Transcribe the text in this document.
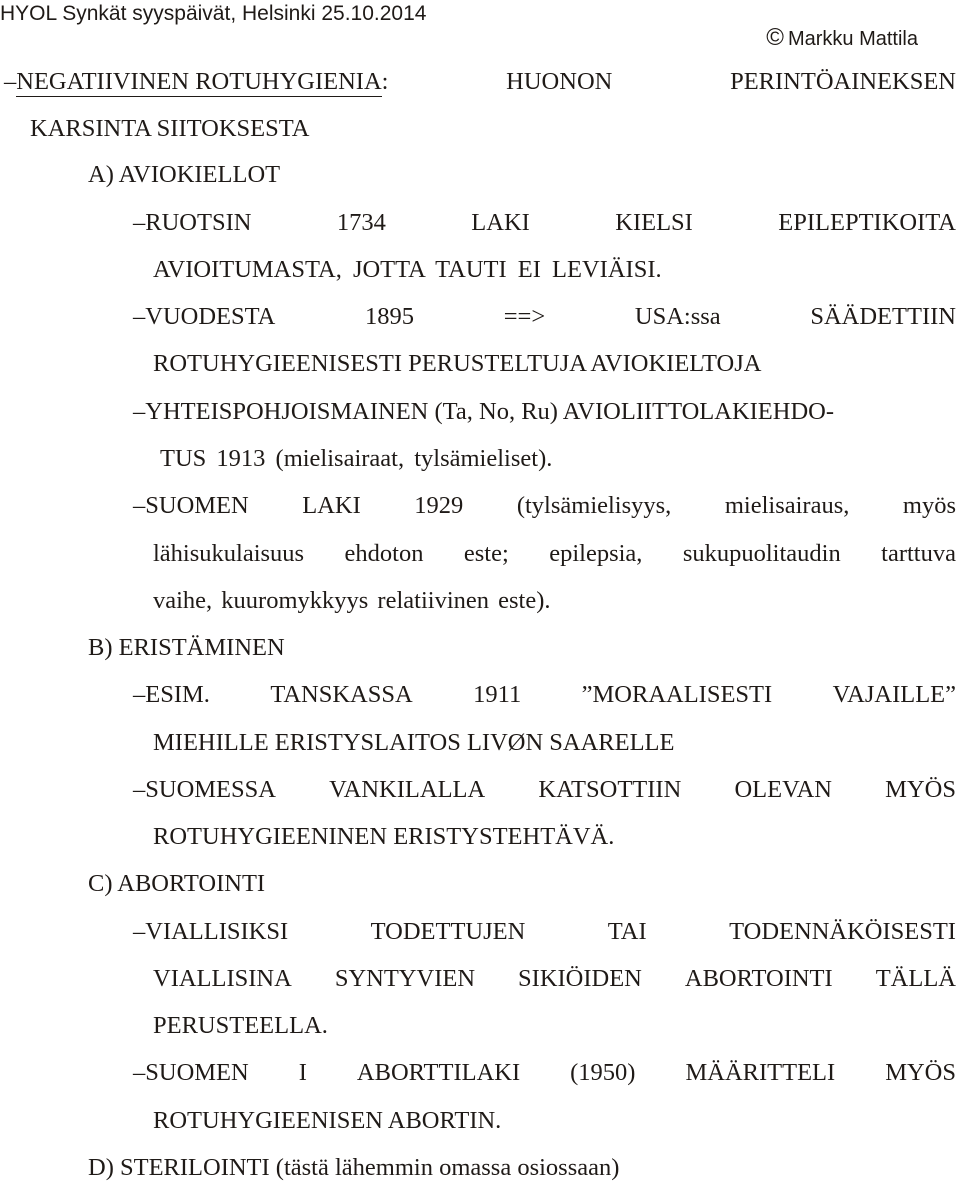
HYOL Synkät syyspäivät, Helsinki 25.10.2014
© Markku Mattila
–NEGATIIVINEN ROTUHYGIENIA:	HUONON	PERINTÖAINEKSEN
KARSINTA SIITOKSESTA
A) AVIOKIELLOT
–RUOTSIN	1734	LAKI	KIELSI	EPILEPTIKOITA
AVIOITUMASTA, JOTTA TAUTI EI LEVIÄISI.
–VUODESTA	1895	==>	USA:ssa	SÄÄDETTIIN
ROTUHYGIEENISESTI PERUSTELTUJA AVIOKIELTOJA
–YHTEISPOHJOISMAINEN (Ta, No, Ru) AVIOLIITTOLAKIEHDO-
TUS 1913 (mielisairaat, tylsämieliset).
–SUOMEN LAKI 1929 (tylsämielisyys, mielisairaus, myös
lähisukulaisuus ehdoton este; epilepsia, sukupuolitaudin tarttuva
vaihe, kuuromykkyys relatiivinen este).
B) ERISTÄMINEN
–ESIM. TANSKASSA 1911 ”MORAALISESTI VAJAILLE”
MIEHILLE ERISTYSLAITOS LIVØN SAARELLE
–SUOMESSA VANKILALLA KATSOTTIIN OLEVAN MYÖS
ROTUHYGIEENINEN ERISTYSTEHTÄVÄ.
C) ABORTOINTI
–VIALLISIKSI	TODETTUJEN	TAI	TODENNÄKÖISESTI
VIALLISINA SYNTYVIEN SIKIÖIDEN ABORTOINTI TÄLLÄ
PERUSTEELLA.
–SUOMEN I ABORTTILAKI (1950) MÄÄRITTELI MYÖS
ROTUHYGIEENISEN ABORTIN.
D) STERILOINTI (tästä lähemmin omassa osiossaan)
